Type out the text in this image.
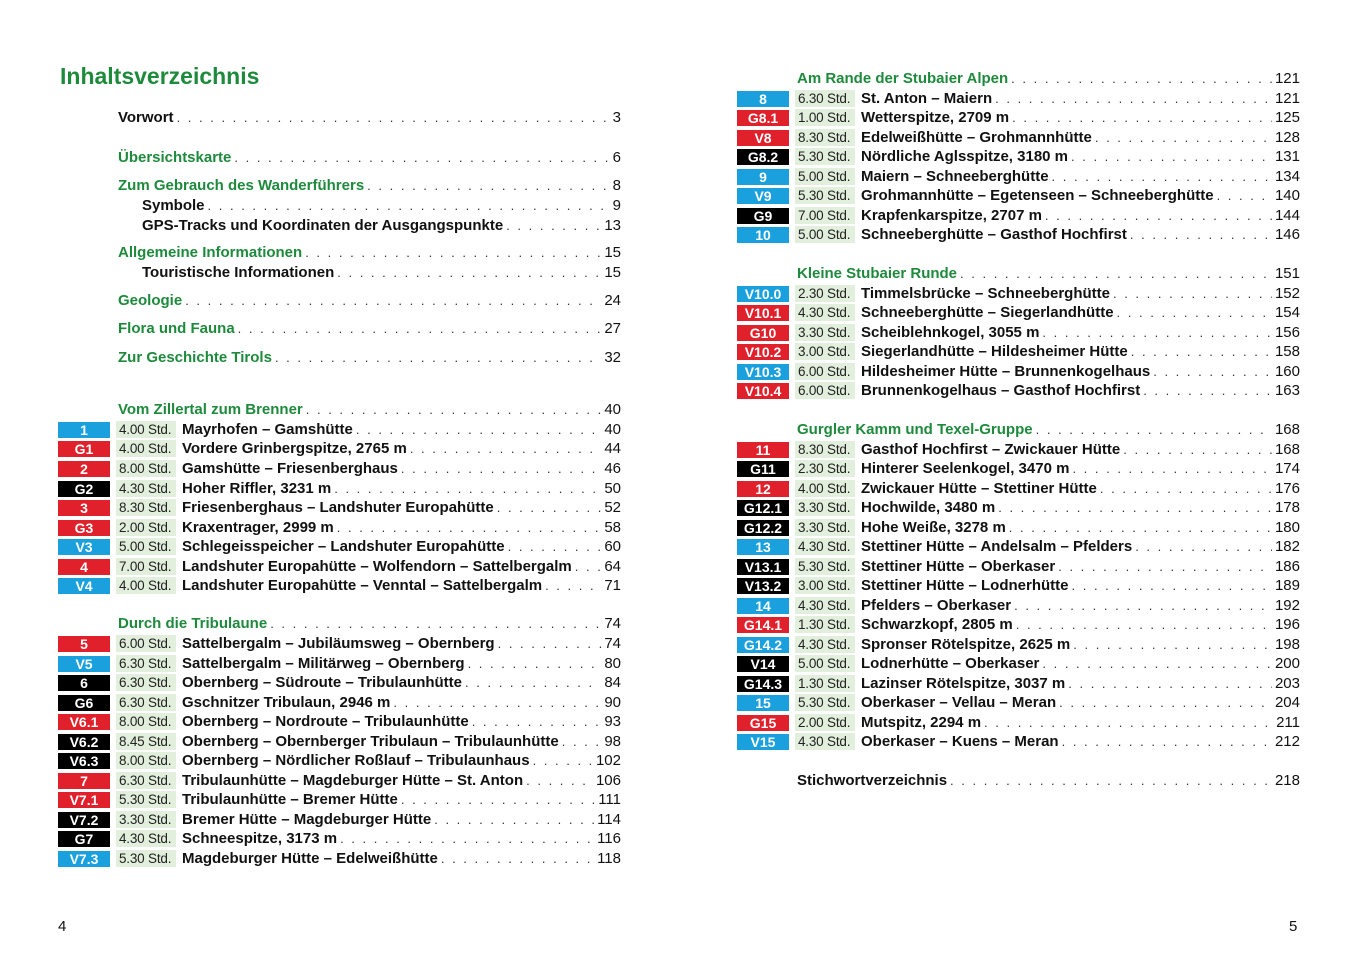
Inhaltsverzeichnis
Vorwort . . .	3
Übersichtskarte . . .	6
Zum Gebrauch des Wanderführers . . .	8
Symbole . . .	9
GPS-Tracks und Koordinaten der Ausgangspunkte . . .	13
Allgemeine Informationen . . .	15
Touristische Informationen . . .	15
Geologie . . .	24
Flora und Fauna . . .	27
Zur Geschichte Tirols . . .	32
Vom Zillertal zum Brenner . . .	40
1	4.00 Std. Mayrhofen – Gamshütte . . .	40
G1	4.00 Std. Vordere Grinbergspitze, 2765 m . . .	44
2	8.00 Std. Gamshütte – Friesenberghaus . . .	46
G2	4.30 Std. Hoher Riffler, 3231 m . . .	50
3	8.30 Std. Friesenberghaus – Landshuter Europahütte . . .	52
G3	2.00 Std. Kraxentrager, 2999 m . . .	58
V3	5.00 Std. Schlegeisspeicher – Landshuter Europahütte . . .	60
4	7.00 Std. Landshuter Europahütte – Wolfendorn – Sattelbergalm . . . 64
V4	4.00 Std. Landshuter Europahütte – Venntal – Sattelbergalm . . .	71
Durch die Tribulaune . . .	74
5	6.00 Std. Sattelbergalm – Jubiläumsweg – Obernberg . . .	74
V5	6.30 Std. Sattelbergalm – Militärweg – Obernberg . . .	80
6	6.30 Std. Obernberg – Südroute – Tribulaunhütte . . .	84
G6	6.30 Std. Gschnitzer Tribulaun, 2946 m . . .	90
V6.1	8.00 Std. Obernberg – Nordroute – Tribulaunhütte . . .	93
V6.2	8.45 Std. Obernberg – Obernberger Tribulaun – Tribulaunhütte . . .	98
V6.3	8.00 Std. Obernberg – Nördlicher Roßlauf – Tribulaunhaus . . .	102
7	6.30 Std. Tribulaunhütte – Magdeburger Hütte – St. Anton . . .	106
V7.1	5.30 Std. Tribulaunhütte – Bremer Hütte . . .	111
V7.2	3.30 Std. Bremer Hütte – Magdeburger Hütte . . .	114
G7	4.30 Std. Schneespitze, 3173 m . . .	116
V7.3	5.30 Std. Magdeburger Hütte – Edelweißhütte . . .	118
Am Rande der Stubaier Alpen . . .	121
8	6.30 Std. St. Anton – Maiern . . .	121
G8.1	1.00 Std. Wetterspitze, 2709 m . . .	125
V8	8.30 Std. Edelweißhütte – Grohmannhütte . . .	128
G8.2	5.30 Std. Nördliche Aglsspitze, 3180 m . . .	131
9	5.00 Std. Maiern – Schneeberghütte . . .	134
V9	5.30 Std. Grohmannhütte – Egetenseen – Schneeberghütte . . .	140
G9	7.00 Std. Krapfenkarspitze, 2707 m . . .	144
10	5.00 Std. Schneeberghütte – Gasthof Hochfirst . . .	146
Kleine Stubaier Runde . . .	151
V10.0	2.30 Std. Timmelsbrücke – Schneeberghütte . . .	152
V10.1	4.30 Std. Schneeberghütte – Siegerlandhütte . . .	154
G10	3.30 Std. Scheiblehnkogel, 3055 m . . .	156
V10.2	3.00 Std. Siegerlandhütte – Hildesheimer Hütte . . .	158
V10.3	6.00 Std. Hildesheimer Hütte – Brunnenkogelhaus . . .	160
V10.4	6.00 Std. Brunnenkogelhaus – Gasthof Hochfirst . . .	163
Gurgler Kamm und Texel-Gruppe . . .	168
11	8.30 Std. Gasthof Hochfirst – Zwickauer Hütte . . .	168
G11	2.30 Std. Hinterer Seelenkogel, 3470 m . . .	174
12	4.00 Std. Zwickauer Hütte – Stettiner Hütte . . .	176
G12.1	3.30 Std. Hochwilde, 3480 m . . .	178
G12.2	3.30 Std. Hohe Weiße, 3278 m . . .	180
13	4.30 Std. Stettiner Hütte – Andelsalm – Pfelders . . .	182
V13.1	5.30 Std. Stettiner Hütte – Oberkaser . . .	186
V13.2	3.00 Std. Stettiner Hütte – Lodnerhütte . . .	189
14	4.30 Std. Pfelders – Oberkaser . . .	192
G14.1	1.30 Std. Schwarzkopf, 2805 m . . .	196
G14.2	4.30 Std. Spronser Rötelspitze, 2625 m . . .	198
V14	5.00 Std. Lodnerhütte – Oberkaser . . .	200
G14.3	1.30 Std. Lazinser Rötelspitze, 3037 m . . .	203
15	5.30 Std. Oberkaser – Vellau – Meran . . .	204
G15	2.00 Std. Mutspitz, 2294 m . . .	211
V15	4.30 Std. Oberkaser – Kuens – Meran . . .	212
Stichwortverzeichnis . . .	218
4	5
